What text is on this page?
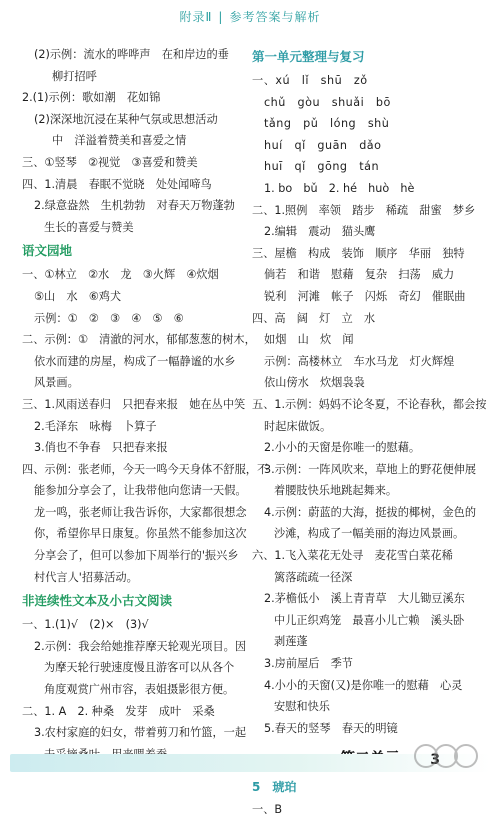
附录Ⅱ | 参考答案与解析
(2)示例：流水的哗哗声　在和岸边的垂
柳打招呼
2.(1)示例：歌如潮　花如锦
(2)深深地沉浸在某种气氛或思想活动
中　洋溢着赞美和喜爱之情
三、①竖琴　②视觉　③喜爱和赞美
四、1.清晨　春眠不觉晓　处处闻啼鸟
2.绿意盎然　生机勃勃　对春天万物蓬勃
生长的喜爱与赞美
语文园地
一、①林立　②水　龙　③火辉　④炊烟
⑤山　水　⑥鸡犬
示例：①　②　③　④　⑤　⑥
二、示例：①　清澈的河水，郁郁葱葱的树木，
依水而建的房屋，构成了一幅静谧的水乡
风景画。
三、1.风雨送春归　只把春来报　她在丛中笑
2.毛泽东　咏梅　卜算子
3.俏也不争春　只把春来报
四、示例：张老师，今天一鸣今天身体不舒服，不
能参加分享会了，让我带他向您请一天假。
龙一鸣，张老师让我告诉你，大家都很想念
你，希望你早日康复。你虽然不能参加这次
分享会了，但可以参加下周举行的'振兴乡
村代言人'招募活动。
非连续性文本及小古文阅读
一、1.(1)√　(2)×　(3)√
2.示例：我会给她推荐摩天轮观光项目。因
为摩天轮行驶速度慢且游客可以从各个
角度观赏广州市容，表姐摄影很方便。
二、1. A　2. 种桑　发芽　成叶　采桑
3.农村家庭的妇女，带着剪刀和竹篮，一起
第一单元整理与复习
一、xú　lǐ　shū　zǒ
chǔ　gòu　shuǎi　bō
tǎng　pǔ　lóng　shù
huí　qǐ　guān　dǎo
huī　qǐ　gōng　tán
1. bo　bǔ　2. hé　huò　hè
二、1.照例　率领　踏步　稀疏　甜蜜　梦乡
2.编辑　震动　猫头鹰
三、屋檐　构成　装饰　顺序　华丽　独特
倘若　和谐　慰藉　复杂　扫荡　威力
锐利　河滩　帐子　闪烁　奇幻　催眠曲
四、高　阔　灯　立　水
如烟　山　炊　闻
示例：高楼林立　车水马龙　灯火辉煌
依山傍水　炊烟袅袅
五、1.示例：妈妈不论冬夏，不论春秋，都会按
时起床做饭。
2.小小的天窗是你唯一的慰藉。
3.示例：一阵风吹来，草地上的野花便伸展
着腰肢快乐地跳起舞来。
4.示例：蔚蓝的大海，挺拔的椰树，金色的
沙滩，构成了一幅美丽的海边风景画。
六、1.飞入菜花无处寻　麦花雪白菜花稀
篱落疏疏一径深
2.茅檐低小　溪上青青草　大儿锄豆溪东
中儿正织鸡笼　最喜小儿亡赖　溪头卧
剥莲蓬
3.房前屋后　季节
4.小小的天窗(又)是你唯一的慰藉　心灵
安慰和快乐
5.春天的竖琴　春天的明镜
5　琥珀
一、B
3
